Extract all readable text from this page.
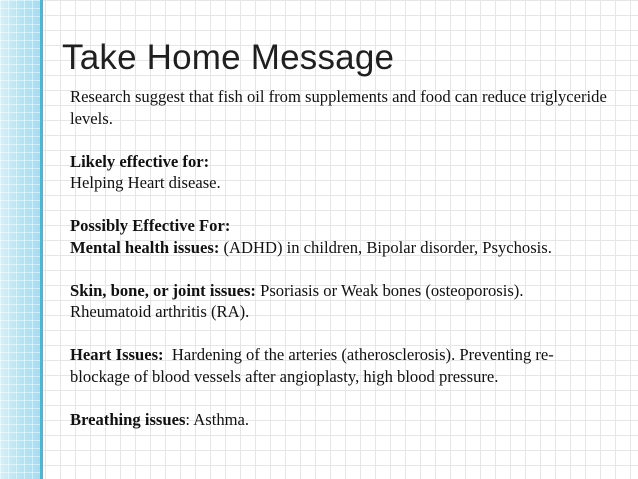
Take Home Message

Research suggest that fish oil from supplements and food can reduce triglyceride levels.

Likely effective for:
Helping Heart disease.

Possibly Effective For:
Mental health issues: (ADHD) in children, Bipolar disorder, Psychosis.

Skin, bone, or joint issues: Psoriasis or Weak bones (osteoporosis).
Rheumatoid arthritis (RA).

Heart Issues:  Hardening of the arteries (atherosclerosis). Preventing re-blockage of blood vessels after angioplasty, high blood pressure.

Breathing issues: Asthma.
